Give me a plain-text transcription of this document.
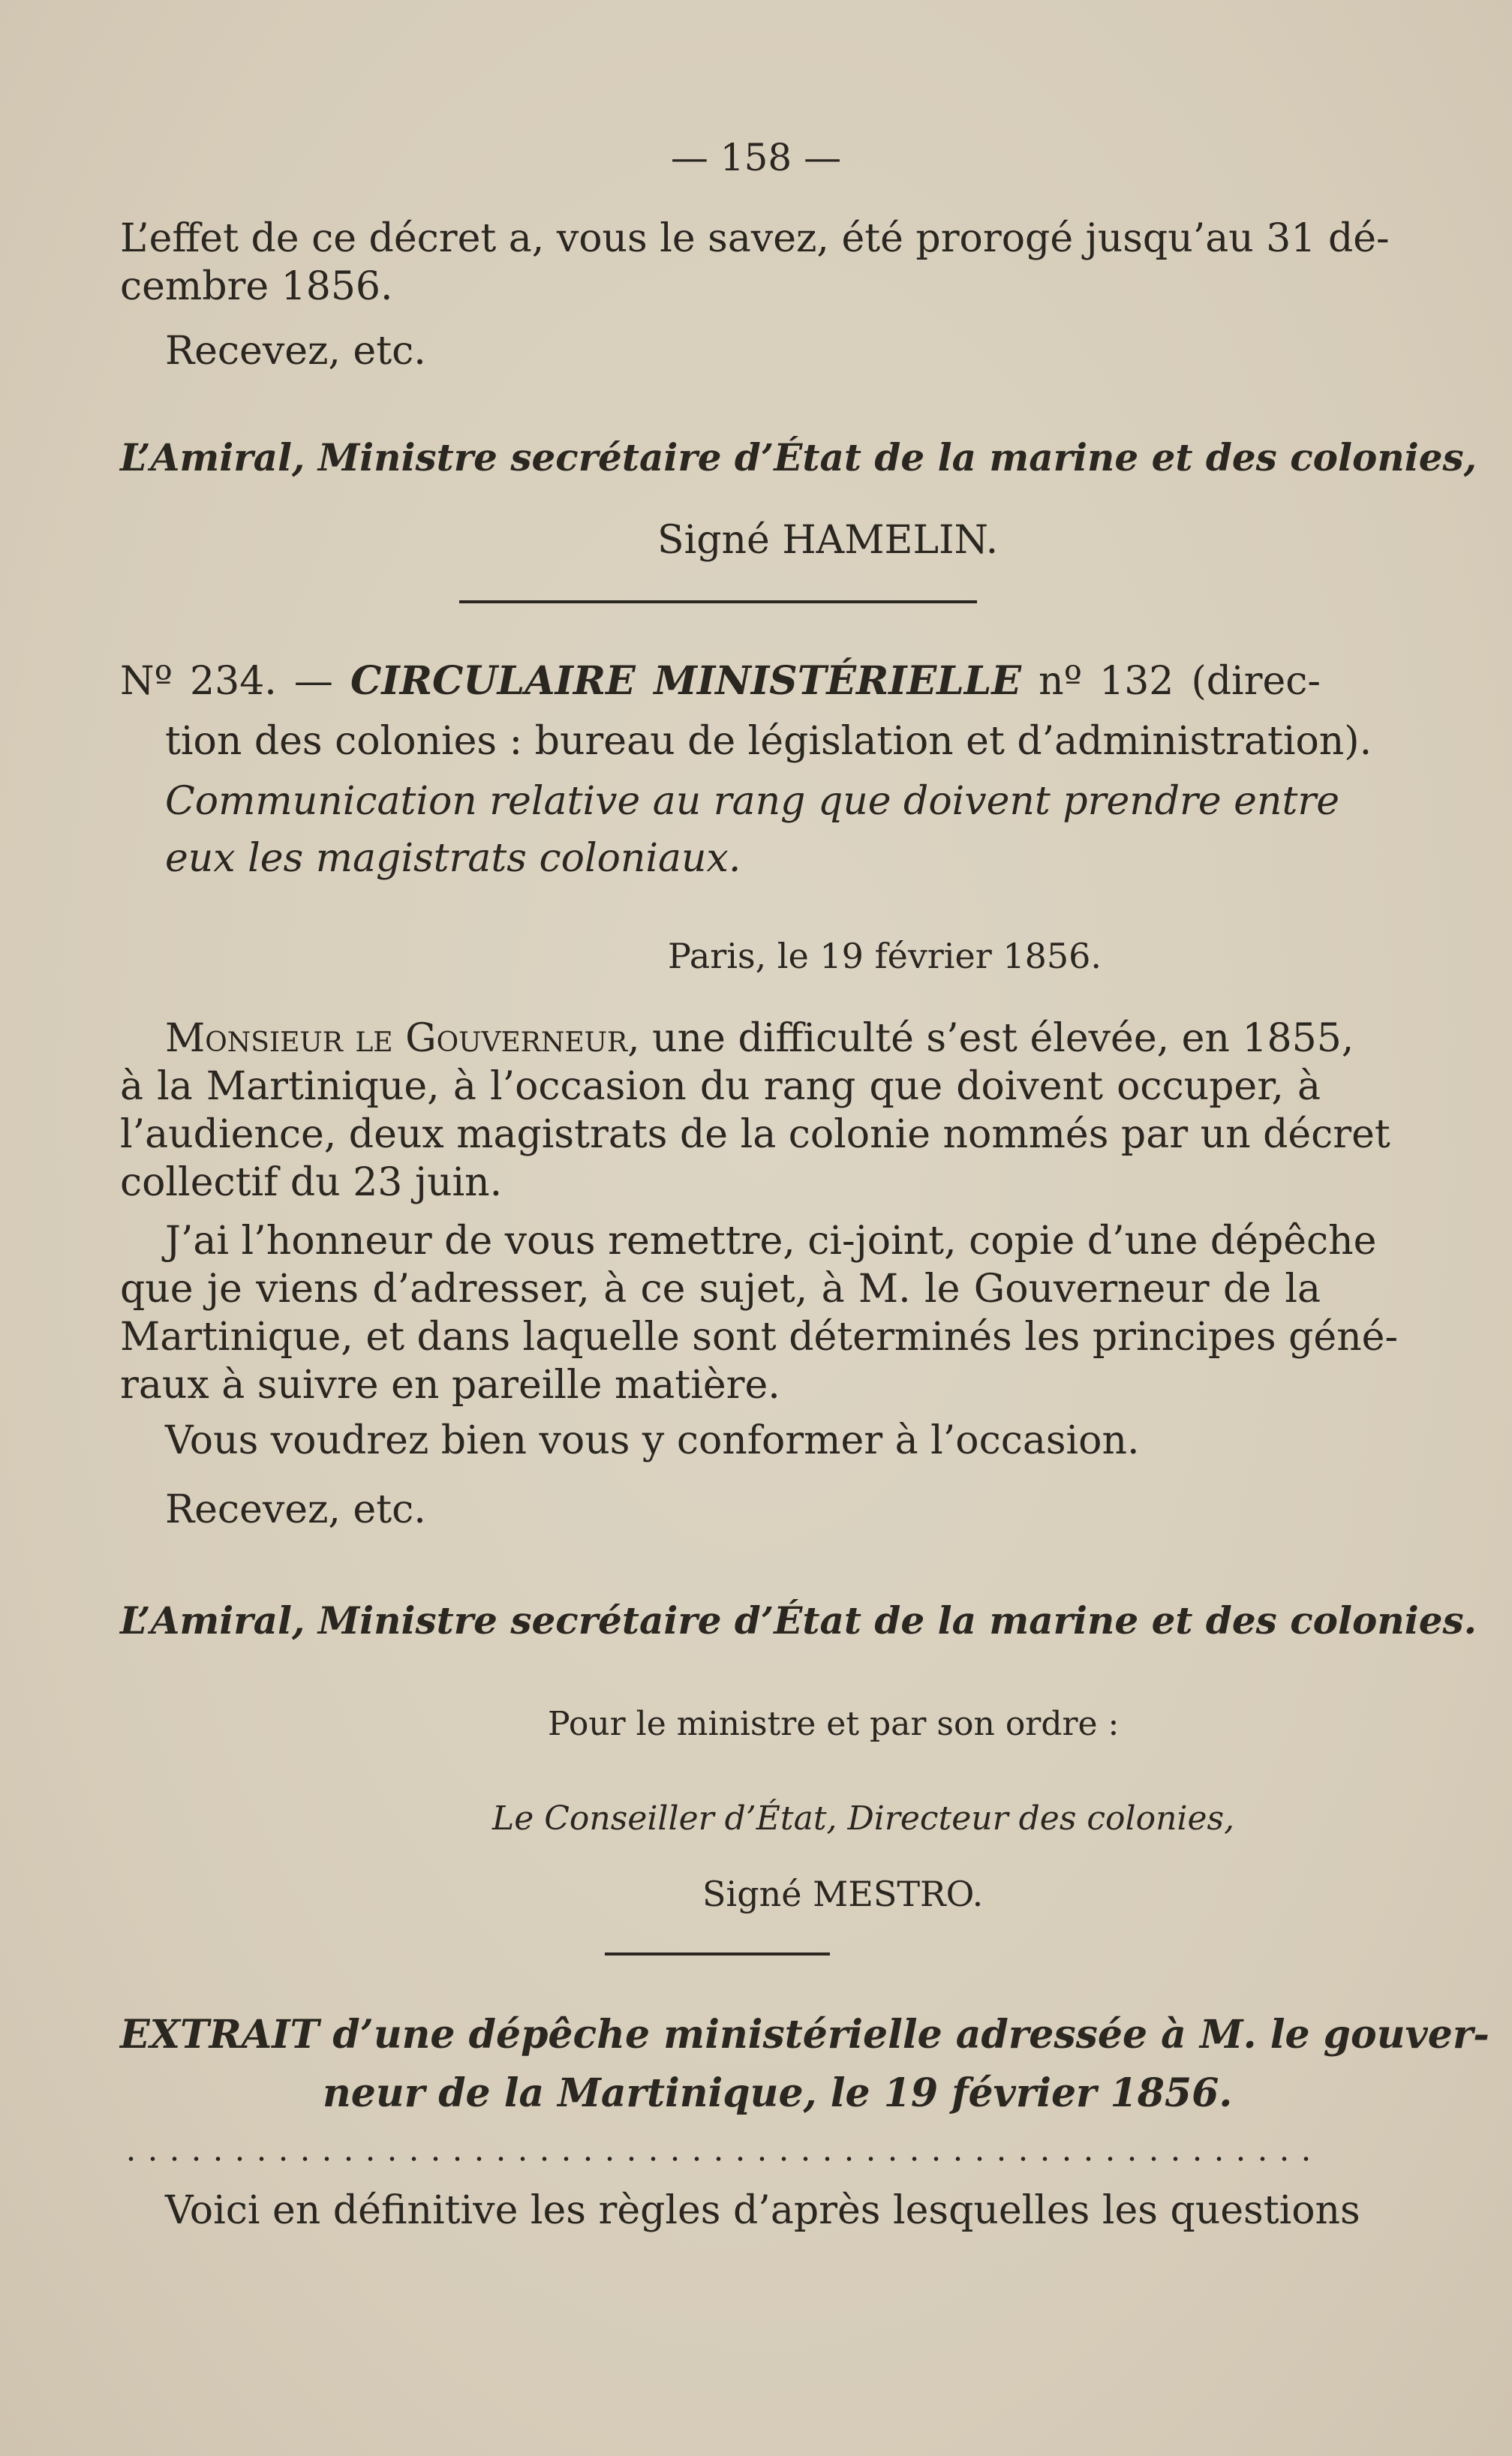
— 158 —
L’effet de ce décret a, vous le savez, été prorogé jusqu’au 31 dé-
cembre 1856.
Recevez, etc.
L’Amiral, Ministre secrétaire d’État de la marine et des colonies,
Signé HAMELIN.
Nº 234. — CIRCULAIRE MINISTÉRIELLE nº 132 (direc-
tion des colonies : bureau de législation et d’administration).
Communication relative au rang que doivent prendre entre
eux les magistrats coloniaux.
Paris, le 19 février 1856.
Monsieur le Gouverneur, une difficulté s’est élevée, en 1855,
à la Martinique, à l’occasion du rang que doivent occuper, à
l’audience, deux magistrats de la colonie nommés par un décret
collectif du 23 juin.
J’ai l’honneur de vous remettre, ci-joint, copie d’une dépêche
que je viens d’adresser, à ce sujet, à M. le Gouverneur de la
Martinique, et dans laquelle sont déterminés les principes géné-
raux à suivre en pareille matière.
Vous voudrez bien vous y conformer à l’occasion.
Recevez, etc.
L’Amiral, Ministre secrétaire d’État de la marine et des colonies.
Pour le ministre et par son ordre :
Le Conseiller d’État, Directeur des colonies,
Signé MESTRO.
EXTRAIT d’une dépêche ministérielle adressée à M. le gouver-
neur de la Martinique, le 19 février 1856.
Voici en définitive les règles d’après lesquelles les questions
